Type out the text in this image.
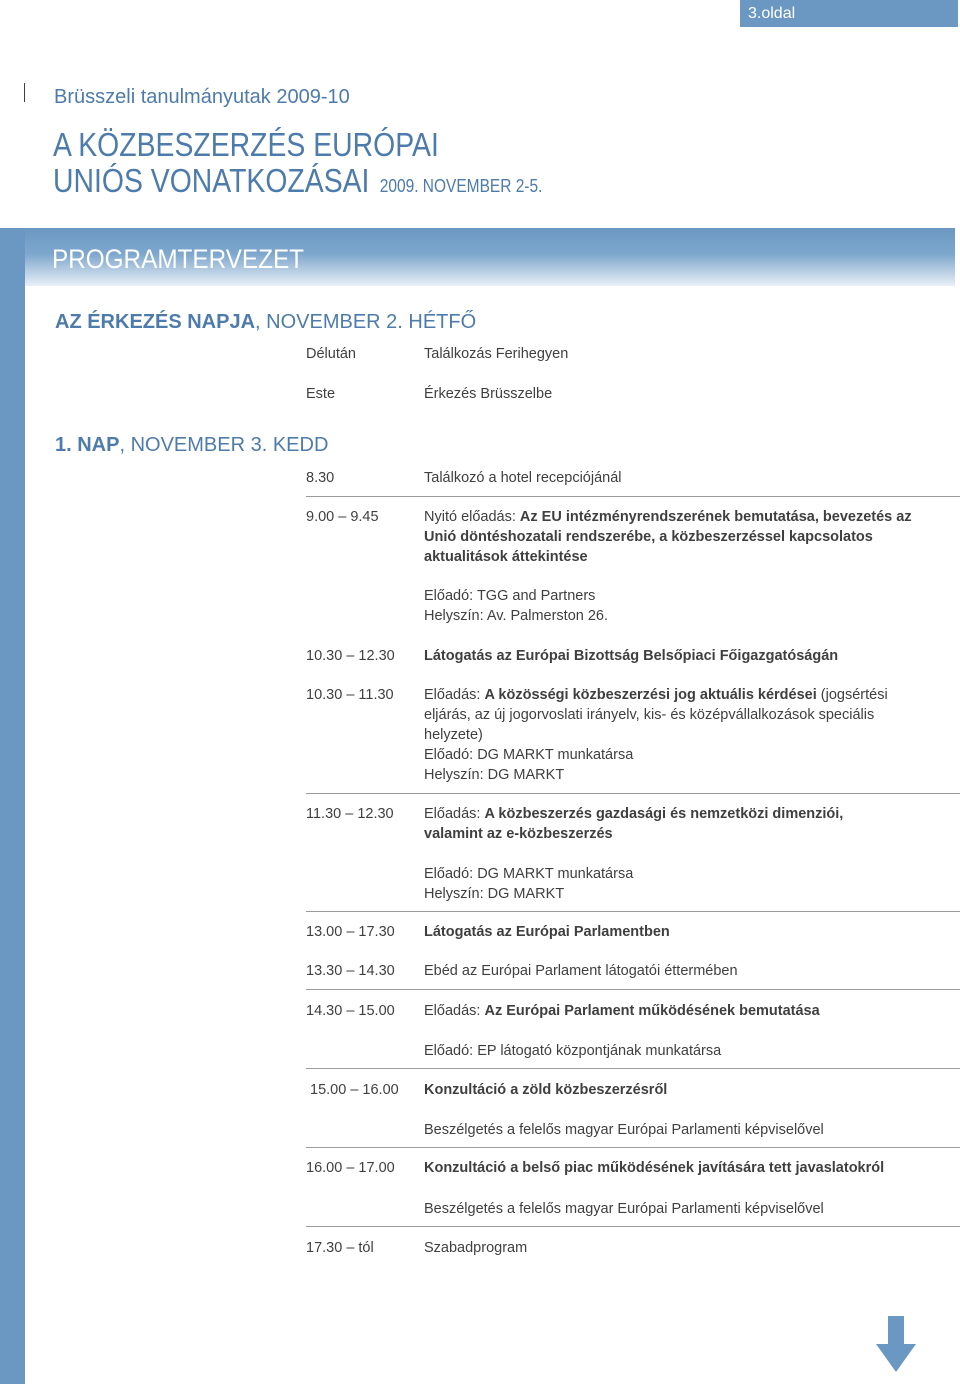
3.oldal
Brüsszeli tanulmányutak 2009-10
A KÖZBESZERZÉS EURÓPAI
UNIÓS VONATKOZÁSAI 2009. NOVEMBER 2-5.
PROGRAMTERVEZET
AZ ÉRKEZÉS NAPJA, NOVEMBER 2. HÉTFŐ
Délután	Találkozás Ferihegyen
Este	Érkezés Brüsszelbe
1. NAP, NOVEMBER 3. KEDD
8.30	Találkozó a hotel recepciójánál
9.00 – 9.45	Nyitó előadás: Az EU intézményrendszerének bemutatása, bevezetés az Unió döntéshozatali rendszerébe, a közbeszerzéssel kapcsolatos aktualitások áttekintése
Előadó: TGG and Partners
Helyszín: Av. Palmerston 26.
10.30 – 12.30 Látogatás az Európai Bizottság Belsőpiaci Főigazgatóságán
10.30 – 11.30 Előadás: A közösségi közbeszerzési jog aktuális kérdései (jogsértési eljárás, az új jogorvoslati irányelv, kis- és középvállalkozások speciális helyzete)
Előadó: DG MARKT munkatársa
Helyszín: DG MARKT
11.30 – 12.30 Előadás: A közbeszerzés gazdasági és nemzetközi dimenziói, valamint az e-közbeszerzés
Előadó: DG MARKT munkatársa
Helyszín: DG MARKT
13.00 – 17.30 Látogatás az Európai Parlamentben
13.30 – 14.30 Ebéd az Európai Parlament látogatói éttermében
14.30 – 15.00 Előadás: Az Európai Parlament működésének bemutatása
Előadó: EP látogató központjának munkatársa
15.00 – 16.00 Konzultáció a zöld közbeszerzésről
Beszélgetés a felelős magyar Európai Parlamenti képviselővel
16.00 – 17.00 Konzultáció a belső piac működésének javítására tett javaslatokról
Beszélgetés a felelős magyar Európai Parlamenti képviselővel
17.30 – tól	Szabadprogram
